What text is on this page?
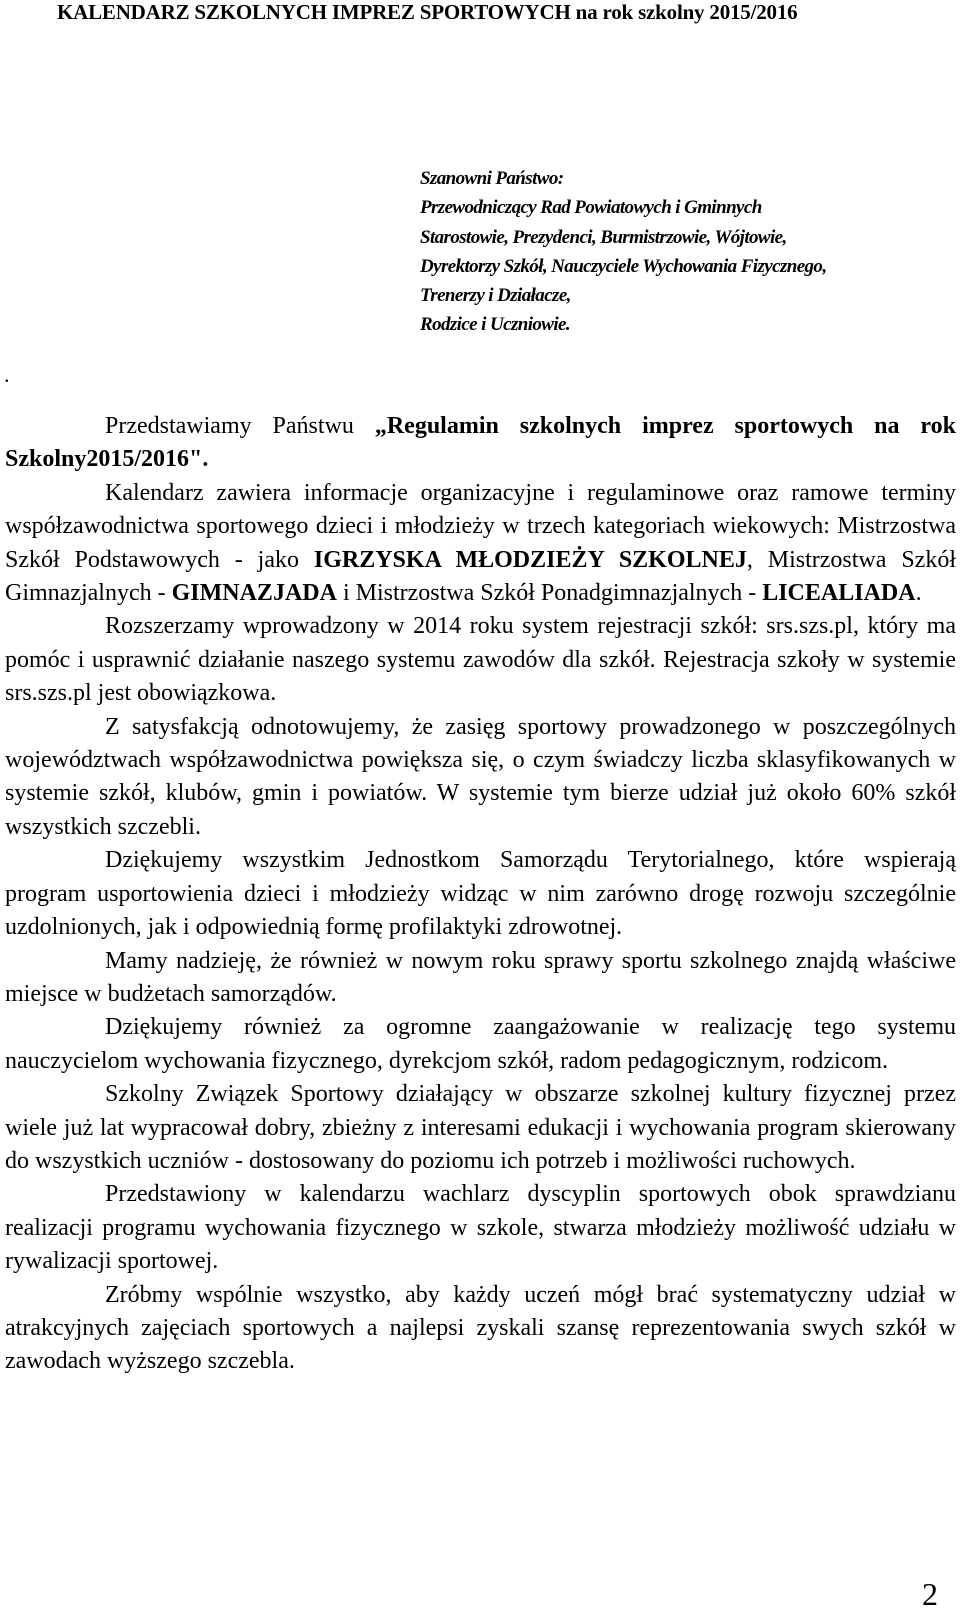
KALENDARZ SZKOLNYCH IMPREZ SPORTOWYCH na rok szkolny 2015/2016
Szanowni Państwo:
Przewodniczący Rad Powiatowych i Gminnych
Starostowie, Prezydenci, Burmistrzowie, Wójtowie,
Dyrektorzy Szkół, Nauczyciele Wychowania Fizycznego,
Trenerzy i Działacze,
Rodzice i Uczniowie.
.

Przedstawiamy Państwu „Regulamin szkolnych imprez sportowych na rok Szkolny2015/2016".

Kalendarz zawiera informacje organizacyjne i regulaminowe oraz ramowe terminy współzawodnictwa sportowego dzieci i młodzieży w trzech kategoriach wiekowych: Mistrzostwa Szkół Podstawowych - jako IGRZYSKA MŁODZIEŻY SZKOLNEJ, Mistrzostwa Szkół Gimnazjalnych - GIMNAZJADA i Mistrzostwa Szkół Ponadgimnazjalnych - LICEALIADA.

Rozszerzamy wprowadzony w 2014 roku system rejestracji szkół: srs.szs.pl, który ma pomóc i usprawnić działanie naszego systemu zawodów dla szkół. Rejestracja szkoły w systemie srs.szs.pl jest obowiązkowa.

Z satysfakcją odnotowujemy, że zasięg sportowy prowadzonego w poszczególnych województwach współzawodnictwa powiększa się, o czym świadczy liczba sklasyfikowanych w systemie szkół, klubów, gmin i powiatów. W systemie tym bierze udział już około 60% szkół wszystkich szczebli.

Dziękujemy wszystkim Jednostkom Samorządu Terytorialnego, które wspierają program usportowienia dzieci i młodzieży widząc w nim zarówno drogę rozwoju szczególnie uzdolnionych, jak i odpowiednią formę profilaktyki zdrowotnej.

Mamy nadzieję, że również w nowym roku sprawy sportu szkolnego znajdą właściwe miejsce w budżetach samorządów.

Dziękujemy również za ogromne zaangażowanie w realizację tego systemu nauczycielom wychowania fizycznego, dyrekcjom szkół, radom pedagogicznym, rodzicom.

Szkolny Związek Sportowy działający w obszarze szkolnej kultury fizycznej przez wiele już lat wypracował dobry, zbieżny z interesami edukacji i wychowania program skierowany do wszystkich uczniów - dostosowany do poziomu ich potrzeb i możliwości ruchowych.

Przedstawiony w kalendarzu wachlarz dyscyplin sportowych obok sprawdzianu realizacji programu wychowania fizycznego w szkole, stwarza młodzieży możliwość udziału w rywalizacji sportowej.

Zróbmy wspólnie wszystko, aby każdy uczeń mógł brać systematyczny udział w atrakcyjnych zajęciach sportowych a najlepsi zyskali szansę reprezentowania swych szkół w zawodach wyższego szczebla.

2
